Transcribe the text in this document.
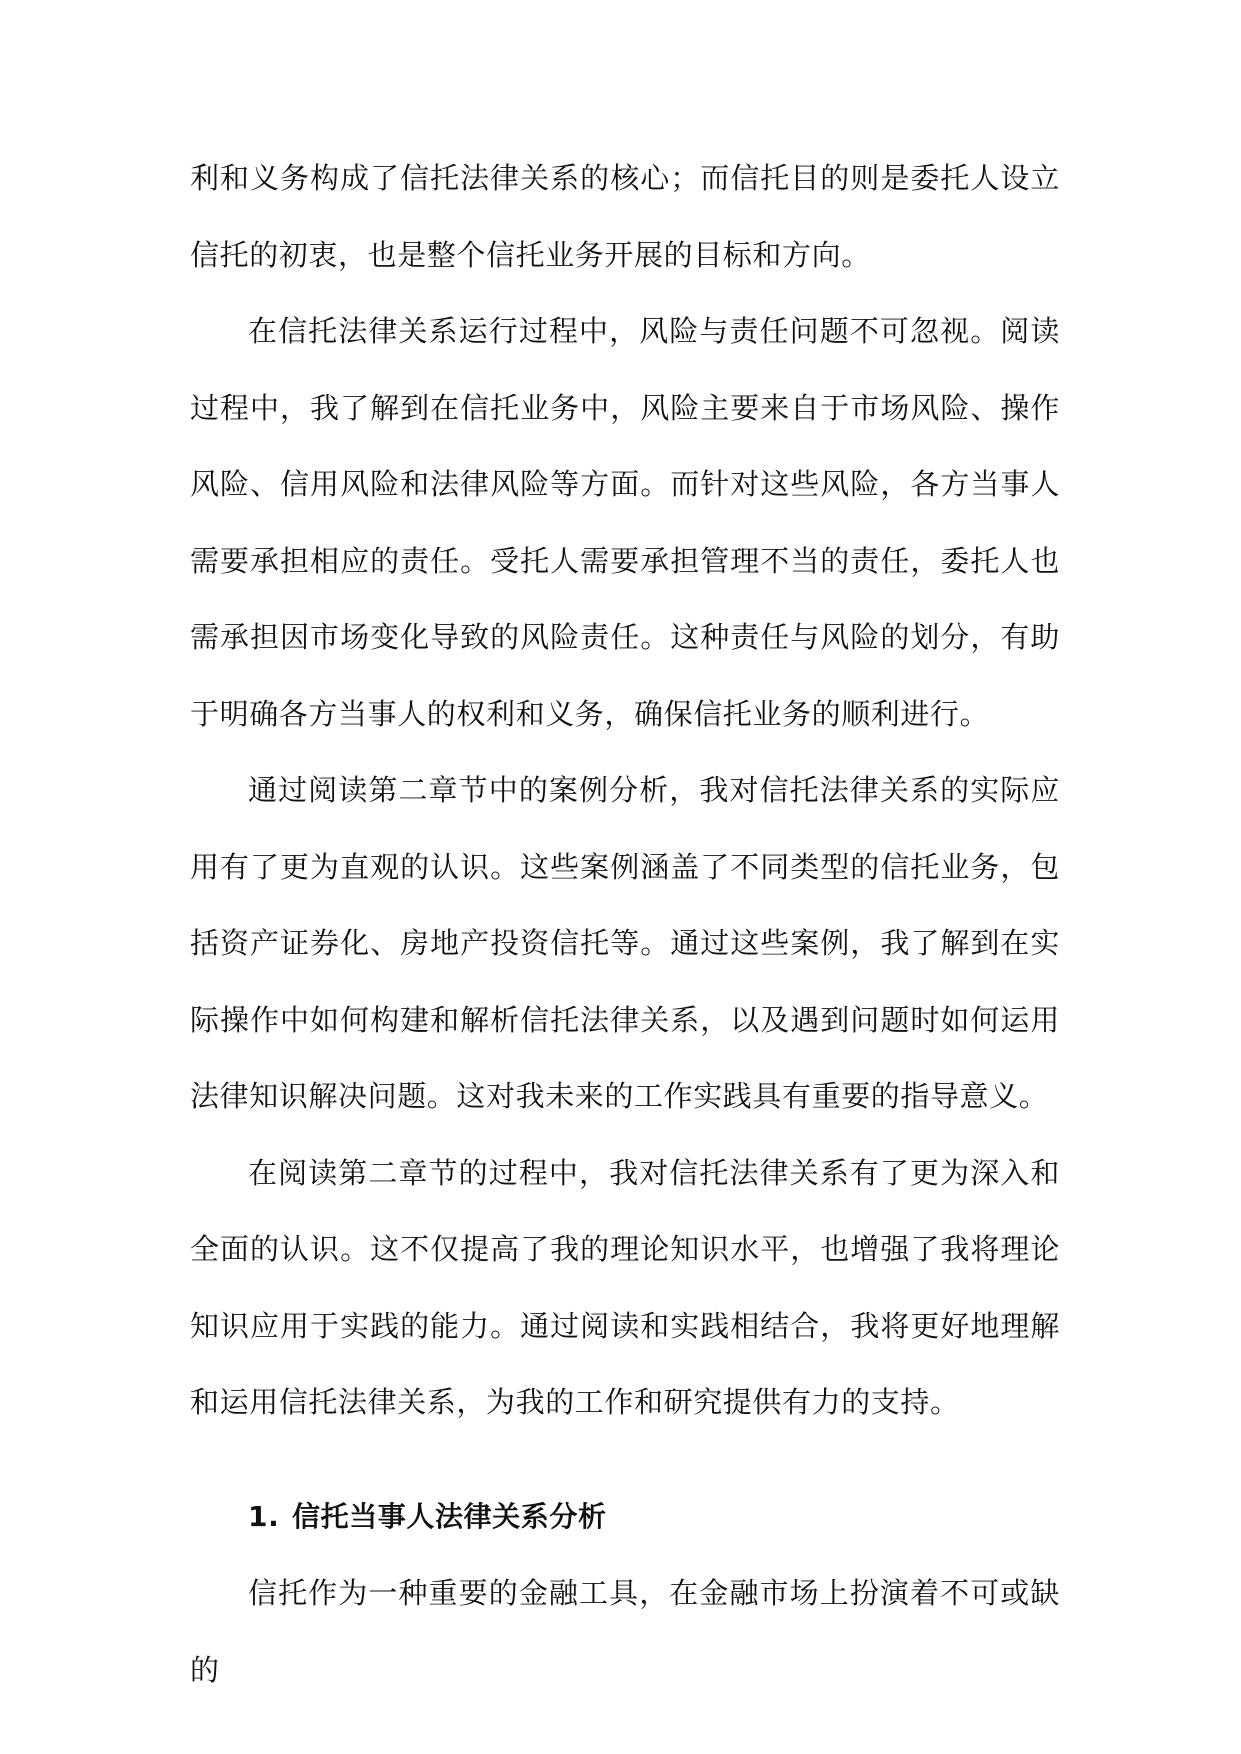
利和义务构成了信托法律关系的核心；而信托目的则是委托人设立信托的初衷，也是整个信托业务开展的目标和方向。

在信托法律关系运行过程中，风险与责任问题不可忽视。阅读过程中，我了解到在信托业务中，风险主要来自于市场风险、操作风险、信用风险和法律风险等方面。而针对这些风险，各方当事人需要承担相应的责任。受托人需要承担管理不当的责任，委托人也需承担因市场变化导致的风险责任。这种责任与风险的划分，有助于明确各方当事人的权利和义务，确保信托业务的顺利进行。

通过阅读第二章节中的案例分析，我对信托法律关系的实际应用有了更为直观的认识。这些案例涵盖了不同类型的信托业务，包括资产证券化、房地产投资信托等。通过这些案例，我了解到在实际操作中如何构建和解析信托法律关系，以及遇到问题时如何运用法律知识解决问题。这对我未来的工作实践具有重要的指导意义。

在阅读第二章节的过程中，我对信托法律关系有了更为深入和全面的认识。这不仅提高了我的理论知识水平，也增强了我将理论知识应用于实践的能力。通过阅读和实践相结合，我将更好地理解和运用信托法律关系，为我的工作和研究提供有力的支持。

1. 信托当事人法律关系分析

信托作为一种重要的金融工具，在金融市场上扮演着不可或缺的
